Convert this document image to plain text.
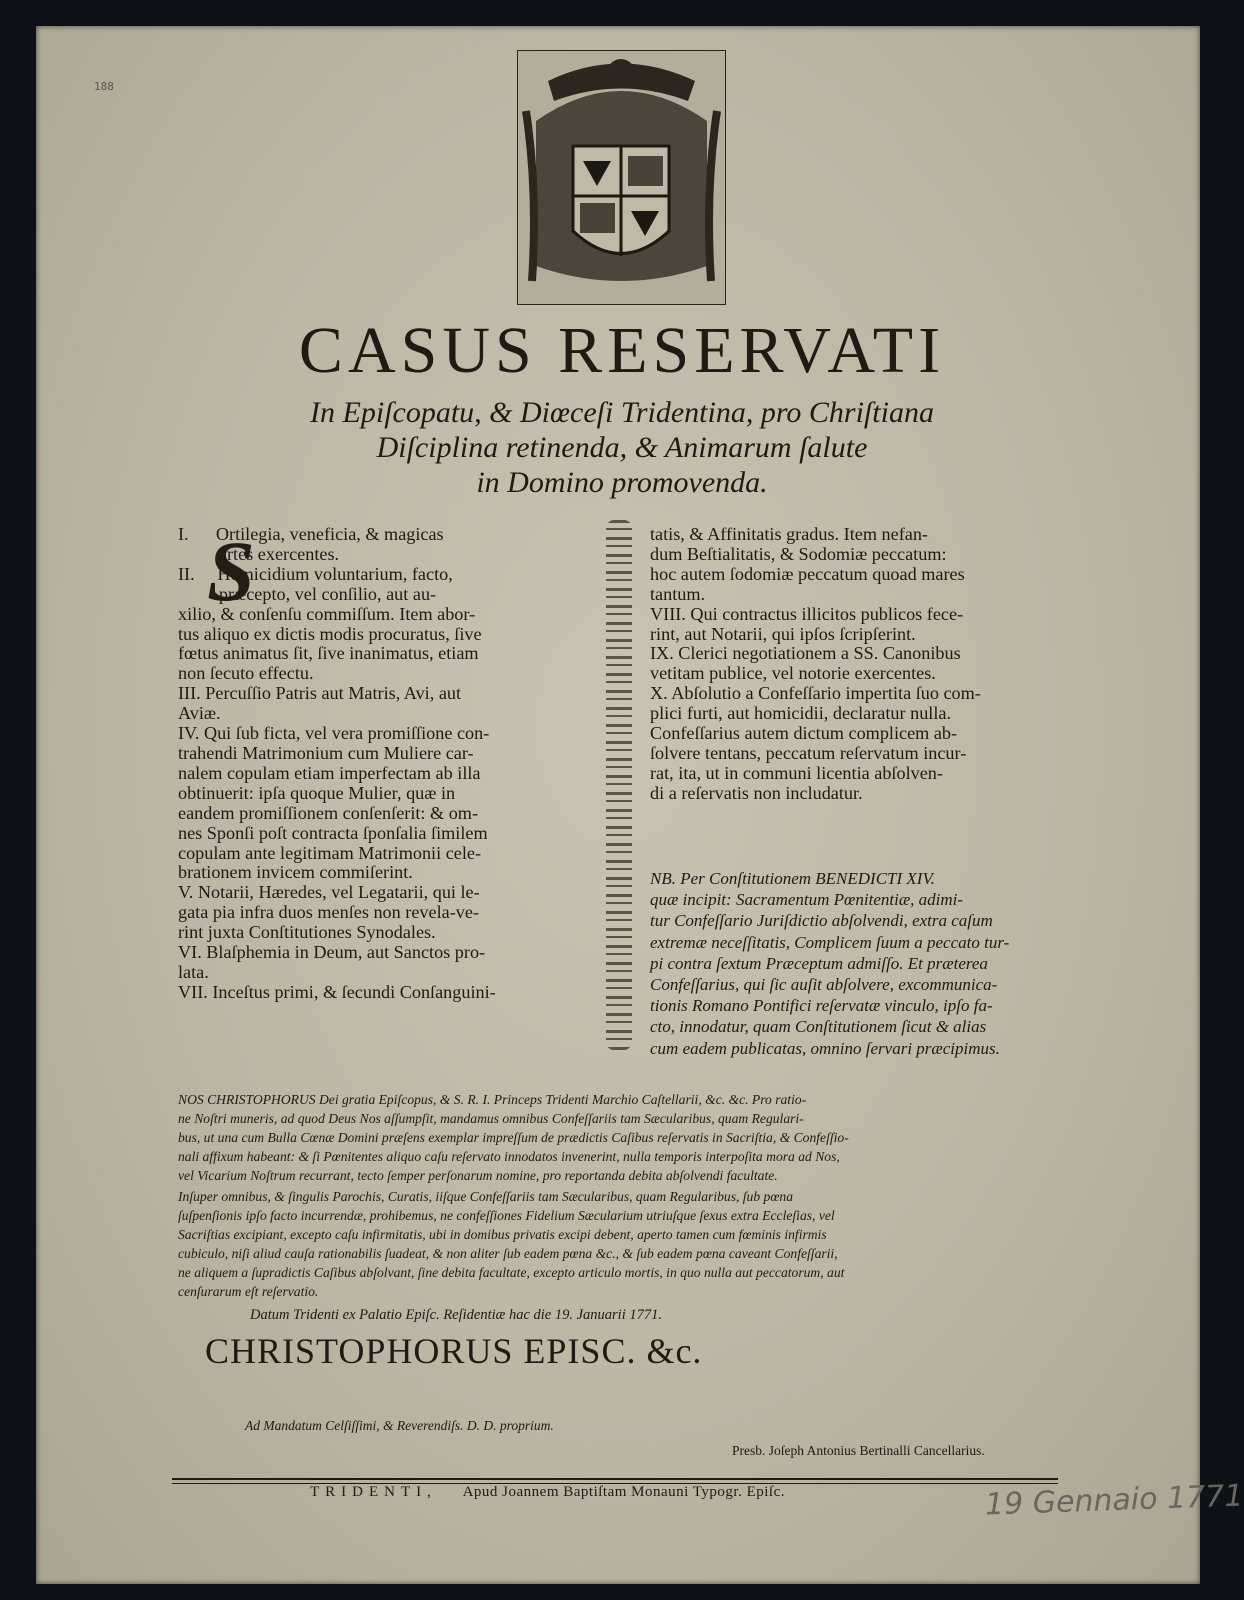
188
CASUS RESERVATI
In Epiſcopatu, & Diœceſi Tridentina, pro Chriſtiana
Diſciplina retinenda, & Animarum ſalute
in Domino promovenda.
S

I.      Ortilegia, veneficia, & magicas

artes exercentes.

II.     Homicidium voluntarium, facto,

præcepto, vel conſilio, aut au-

xilio, & conſenſu commiſſum. Item abor-

tus aliquo ex dictis modis procuratus, ſive

fœtus animatus ſit, ſive inanimatus, etiam

non ſecuto effectu.

III. Percuſſio Patris aut Matris, Avi, aut

Aviæ.

IV. Qui ſub ficta, vel vera promiſſione con-

trahendi Matrimonium cum Muliere car-

nalem copulam etiam imperfectam ab illa

obtinuerit: ipſa quoque Mulier, quæ in

eandem promiſſionem conſenſerit: & om-

nes Sponſi poſt contracta ſponſalia ſimilem

copulam ante legitimam Matrimonii cele-

brationem invicem commiſerint.

V. Notarii, Hæredes, vel Legatarii, qui le-

gata pia infra duos menſes non revela-ve-

rint juxta Conſtitutiones Synodales.

VI. Blaſphemia in Deum, aut Sanctos pro-

lata.

VII. Inceſtus primi, & ſecundi Conſanguini-

tatis, & Affinitatis gradus. Item nefan-

dum Beſtialitatis, & Sodomiæ peccatum:

hoc autem ſodomiæ peccatum quoad mares

tantum.

VIII. Qui contractus illicitos publicos fece-

rint, aut Notarii, qui ipſos ſcripſerint.

IX. Clerici negotiationem a SS. Canonibus

vetitam publice, vel notorie exercentes.

X. Abſolutio a Confeſſario impertita ſuo com-

plici furti, aut homicidii, declaratur nulla.

Confeſſarius autem dictum complicem ab-

ſolvere tentans, peccatum reſervatum incur-

rat, ita, ut in communi licentia abſolven-

di a reſervatis non includatur.

NB. Per Conſtitutionem BENEDICTI XIV.

quæ incipit: Sacramentum Pœnitentiæ, adimi-

tur Confeſſario Juriſdictio abſolvendi, extra caſum

extremæ neceſſitatis, Complicem ſuum a peccato tur-

pi contra ſextum Præceptum admiſſo. Et præterea

Confeſſarius, qui ſic auſit abſolvere, excommunica-

tionis Romano Pontifici reſervatæ vinculo, ipſo fa-

cto, innodatur, quam Conſtitutionem ſicut & alias

cum eadem publicatas, omnino ſervari præcipimus.

NOS CHRISTOPHORUS Dei gratia Epiſcopus, & S. R. I. Princeps Tridenti Marchio Caſtellarii, &c. &c. Pro ratio-

ne Noſtri muneris, ad quod Deus Nos aſſumpſit, mandamus omnibus Confeſſariis tam Sæcularibus, quam Regulari-

bus, ut una cum Bulla Cœnæ Domini præſens exemplar impreſſum de prædictis Caſibus reſervatis in Sacriſtia, & Confeſſio-

nali affixum habeant: & ſi Pœnitentes aliquo caſu reſervato innodatos invenerint, nulla temporis interpoſita mora ad Nos,

vel Vicarium Noſtrum recurrant, tecto ſemper perſonarum nomine, pro reportanda debita abſolvendi facultate.

Inſuper omnibus, & ſingulis Parochis, Curatis, iiſque Confeſſariis tam Sæcularibus, quam Regularibus, ſub pœna

ſuſpenſionis ipſo facto incurrendæ, prohibemus, ne confeſſiones Fidelium Sæcularium utriuſque ſexus extra Eccleſias, vel

Sacriſtias excipiant, excepto caſu infirmitatis, ubi in domibus privatis excipi debent, aperto tamen cum fœminis infirmis

cubiculo, niſi aliud cauſa rationabilis ſuadeat, & non aliter ſub eadem pœna &c., & ſub eadem pœna caveant Confeſſarii,

ne aliquem a ſupradictis Caſibus abſolvant, ſine debita facultate, excepto articulo mortis, in quo nulla aut peccatorum, aut

cenſurarum eſt reſervatio.

Datum Tridenti ex Palatio Epiſc. Reſidentiæ hac die 19. Januarii 1771.
CHRISTOPHORUS EPISC. &c.
Ad Mandatum Celſiſſimi, & Reverendiſs. D. D. proprium.
Presb. Joſeph Antonius Bertinalli Cancellarius.
TRIDENTI, Apud Joannem Baptiſtam Monauni Typogr. Epiſc.	19 Gennaio 1771
